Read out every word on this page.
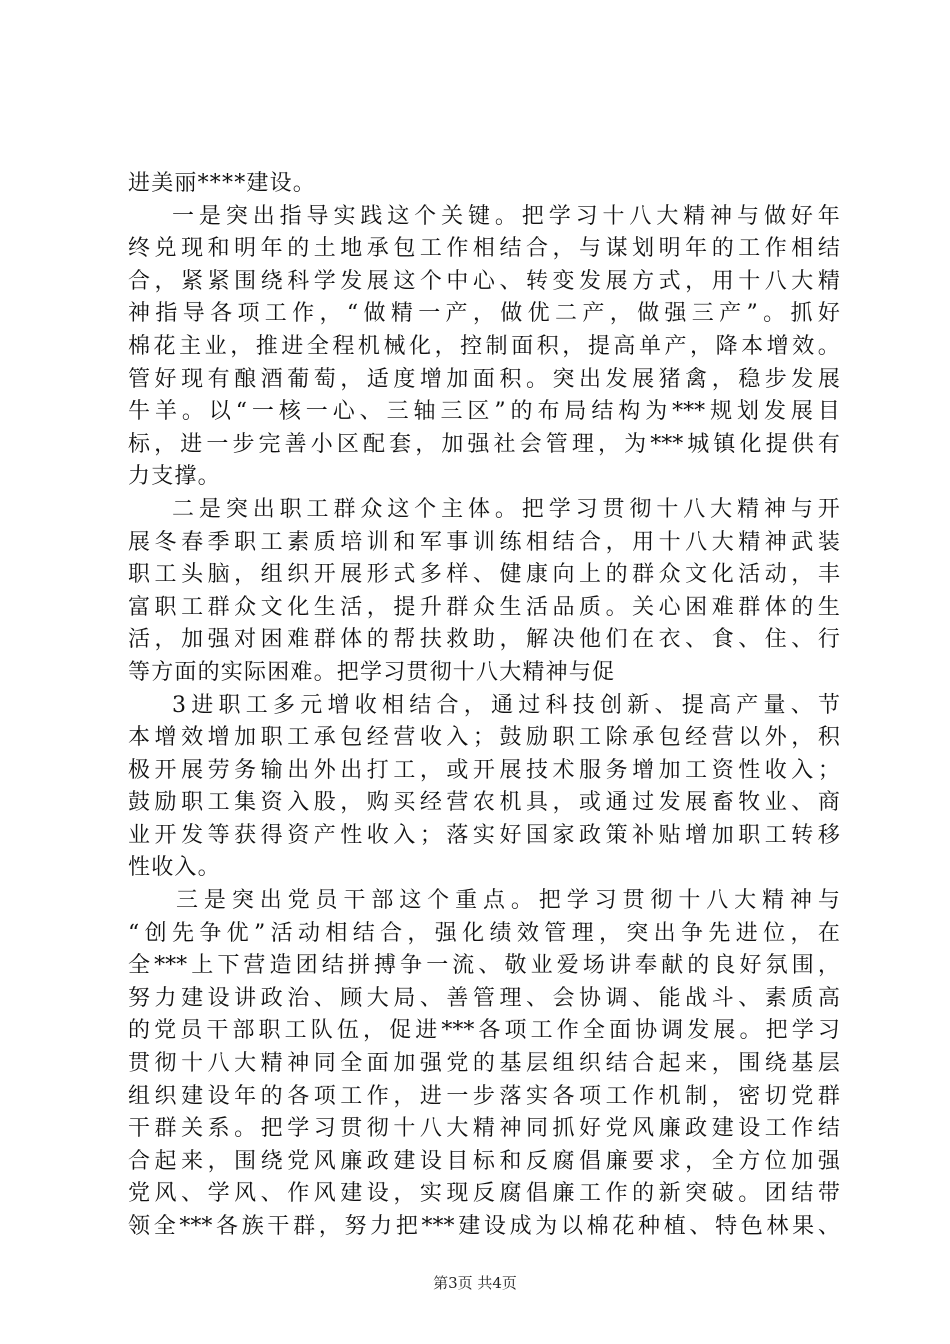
进美丽****建设。
一 是 突 出 指 导 实 践 这 个 关 键 。 把 学 习 十 八 大 精 神 与 做 好 年
终 兑 现 和 明 年 的 土 地 承 包 工 作 相 结 合 ， 与 谋 划 明 年 的 工 作 相 结
合 ， 紧 紧 围 绕 科 学 发 展 这 个 中 心 、 转 变 发 展 方 式 ， 用 十 八 大 精
神 指 导 各 项 工 作 ， “ 做 精 一 产 ， 做 优 二 产 ， 做 强 三 产 ” 。 抓 好
棉 花 主 业 ， 推 进 全 程 机 械 化 ， 控 制 面 积 ， 提 高 单 产 ， 降 本 增 效 。
管 好 现 有 酿 酒 葡 萄 ， 适 度 增 加 面 积 。 突 出 发 展 猪 禽 ， 稳 步 发 展
牛 羊 。 以 “ 一 核 一 心 、 三 轴 三 区 ” 的 布 局 结 构 为 *** 规 划 发 展 目
标 ， 进 一 步 完 善 小 区 配 套 ， 加 强 社 会 管 理 ， 为 *** 城 镇 化 提 供 有
力支撑。
二 是 突 出 职 工 群 众 这 个 主 体 。 把 学 习 贯 彻 十 八 大 精 神 与 开
展 冬 春 季 职 工 素 质 培 训 和 军 事 训 练 相 结 合 ， 用 十 八 大 精 神 武 装
职 工 头 脑 ， 组 织 开 展 形 式 多 样 、 健 康 向 上 的 群 众 文 化 活 动 ， 丰
富 职 工 群 众 文 化 生 活 ， 提 升 群 众 生 活 品 质 。 关 心 困 难 群 体 的 生
活 ， 加 强 对 困 难 群 体 的 帮 扶 救 助 ， 解 决 他 们 在 衣 、 食 、 住 、 行
等方面的实际困难。把学习贯彻十八大精神与促
3 进 职 工 多 元 增 收 相 结 合 ， 通 过 科 技 创 新 、 提 高 产 量 、 节
本 增 效 增 加 职 工 承 包 经 营 收 入 ； 鼓 励 职 工 除 承 包 经 营 以 外 ， 积
极 开 展 劳 务 输 出 外 出 打 工 ， 或 开 展 技 术 服 务 增 加 工 资 性 收 入 ；
鼓 励 职 工 集 资 入 股 ， 购 买 经 营 农 机 具 ， 或 通 过 发 展 畜 牧 业 、 商
业 开 发 等 获 得 资 产 性 收 入 ； 落 实 好 国 家 政 策 补 贴 增 加 职 工 转 移
性收入。
三 是 突 出 党 员 干 部 这 个 重 点 。 把 学 习 贯 彻 十 八 大 精 神 与
“ 创 先 争 优 ” 活 动 相 结 合 ， 强 化 绩 效 管 理 ， 突 出 争 先 进 位 ， 在
全 *** 上 下 营 造 团 结 拼 搏 争 一 流 、 敬 业 爱 场 讲 奉 献 的 良 好 氛 围 ，
努 力 建 设 讲 政 治 、 顾 大 局 、 善 管 理 、 会 协 调 、 能 战 斗 、 素 质 高
的 党 员 干 部 职 工 队 伍 ， 促 进 *** 各 项 工 作 全 面 协 调 发 展 。 把 学 习
贯 彻 十 八 大 精 神 同 全 面 加 强 党 的 基 层 组 织 结 合 起 来 ， 围 绕 基 层
组 织 建 设 年 的 各 项 工 作 ， 进 一 步 落 实 各 项 工 作 机 制 ， 密 切 党 群
干 群 关 系 。 把 学 习 贯 彻 十 八 大 精 神 同 抓 好 党 风 廉 政 建 设 工 作 结
合 起 来 ， 围 绕 党 风 廉 政 建 设 目 标 和 反 腐 倡 廉 要 求 ， 全 方 位 加 强
党 风 、 学 风 、 作 风 建 设 ， 实 现 反 腐 倡 廉 工 作 的 新 突 破 。 团 结 带
领 全 *** 各 族 干 群 ， 努 力 把 *** 建 设 成 为 以 棉 花 种 植 、 特 色 林 果 、
第3页 共4页
